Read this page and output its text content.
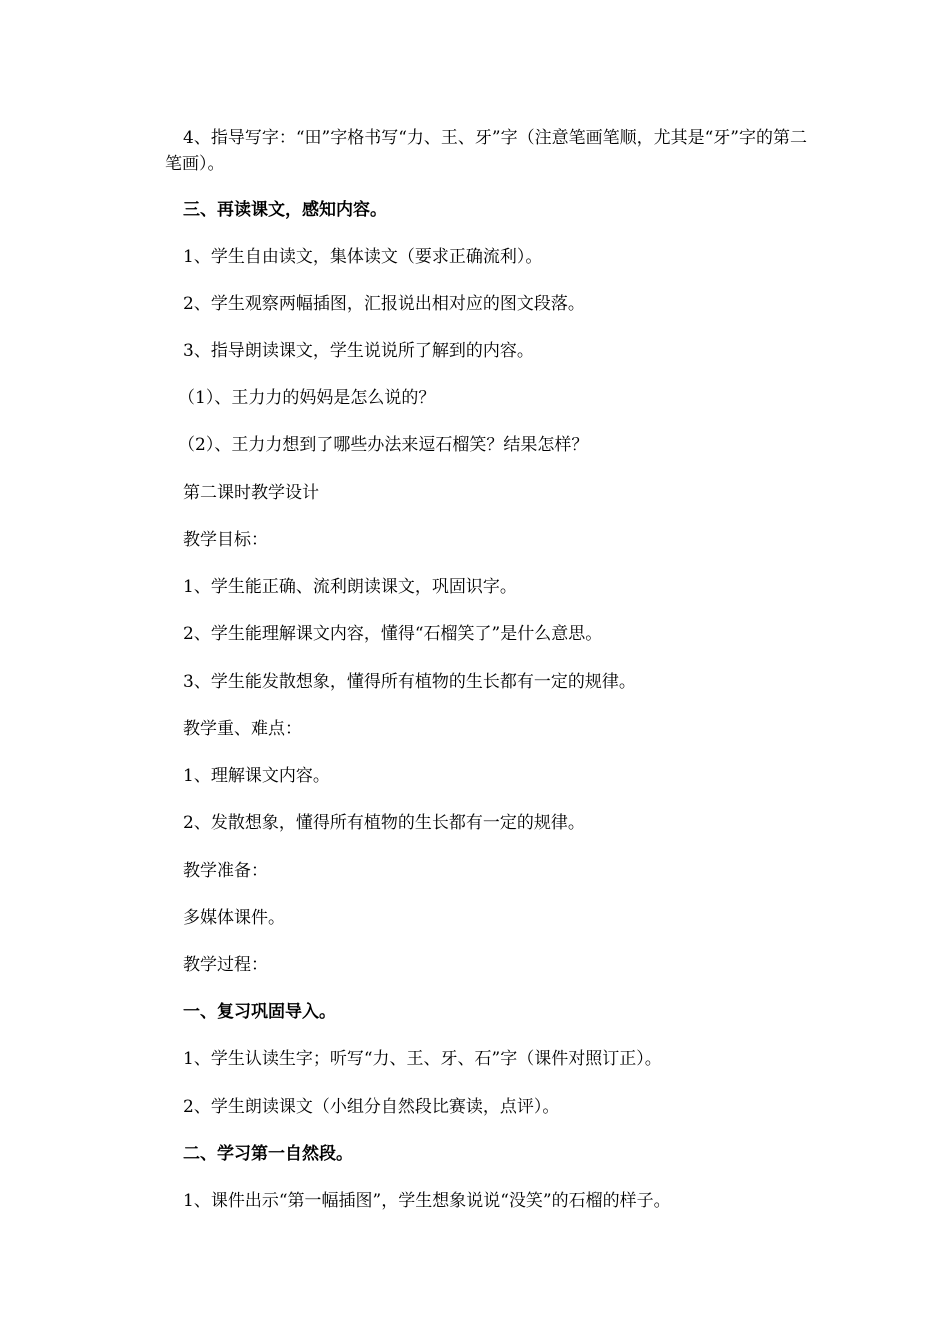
4、指导写字：“田”字格书写“力、王、牙”字（注意笔画笔顺，尤其是“牙”字的第二笔画）。

三、再读课文，感知内容。

1、学生自由读文，集体读文（要求正确流利）。

2、学生观察两幅插图，汇报说出相对应的图文段落。

3、指导朗读课文，学生说说所了解到的内容。

（1）、王力力的妈妈是怎么说的？

（2）、王力力想到了哪些办法来逗石榴笑？结果怎样？

第二课时教学设计

教学目标：

1、学生能正确、流利朗读课文，巩固识字。

2、学生能理解课文内容，懂得“石榴笑了”是什么意思。

3、学生能发散想象，懂得所有植物的生长都有一定的规律。

教学重、难点：

1、理解课文内容。

2、发散想象，懂得所有植物的生长都有一定的规律。

教学准备：

多媒体课件。

教学过程：

一、复习巩固导入。

1、学生认读生字；听写“力、王、牙、石”字（课件对照订正）。

2、学生朗读课文（小组分自然段比赛读，点评）。

二、学习第一自然段。

1、课件出示“第一幅插图”，学生想象说说“没笑”的石榴的样子。
